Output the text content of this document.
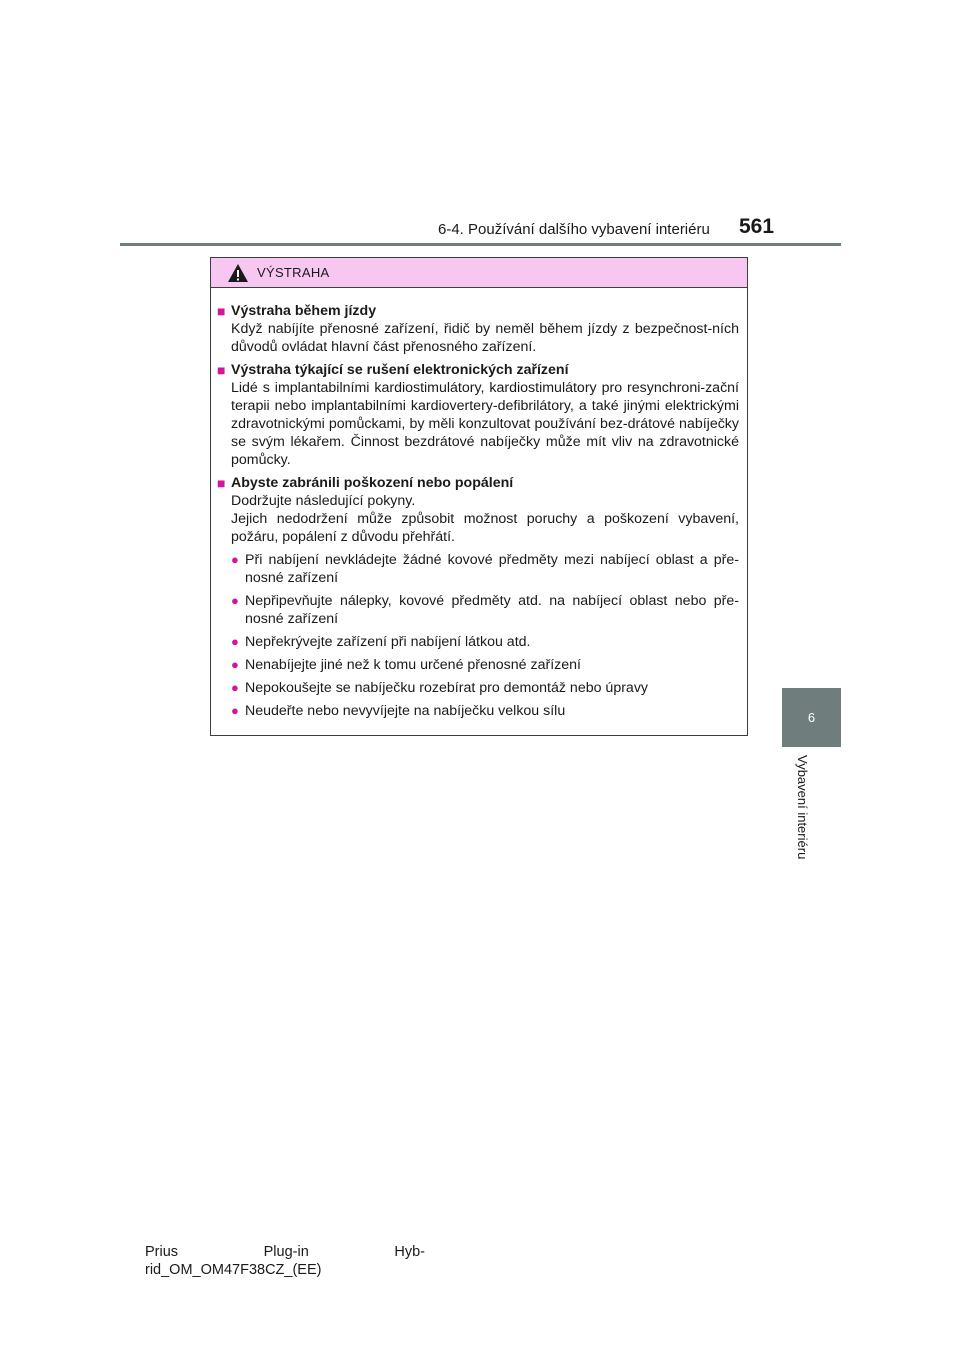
6-4. Používání dalšího vybavení interiéru 561
6
Vybavení interiéru
VÝSTRAHA
■ Výstraha během jízdy
Když nabíjíte přenosné zařízení, řidič by neměl během jízdy z bezpečnost-ních důvodů ovládat hlavní část přenosného zařízení.
■ Výstraha týkající se rušení elektronických zařízení
Lidé s implantabilními kardiostimulátory, kardiostimulátory pro resynchroni-zační terapii nebo implantabilními kardiovertery-defibrilátory, a také jinými elektrickými zdravotnickými pomůckami, by měli konzultovat používání bez-drátové nabíječky se svým lékařem. Činnost bezdrátové nabíječky může mít vliv na zdravotnické pomůcky.
■ Abyste zabránili poškození nebo popálení
Dodržujte následující pokyny.
Jejich nedodržení může způsobit možnost poruchy a poškození vybavení, požáru, popálení z důvodu přehřátí.
● Při nabíjení nevkládejte žádné kovové předměty mezi nabíjecí oblast a pře-nosné zařízení
● Nepřipevňujte nálepky, kovové předměty atd. na nabíjecí oblast nebo pře-nosné zařízení
● Nepřekrývejte zařízení při nabíjení látkou atd.
● Nenabíjejte jiné než k tomu určené přenosné zařízení
● Nepokoušejte se nabíječku rozebírat pro demontáž nebo úpravy
● Neudeřte nebo nevyvíjejte na nabíječku velkou sílu
Prius	Plug-in	Hyb-
rid_OM_OM47F38CZ_(EE)
